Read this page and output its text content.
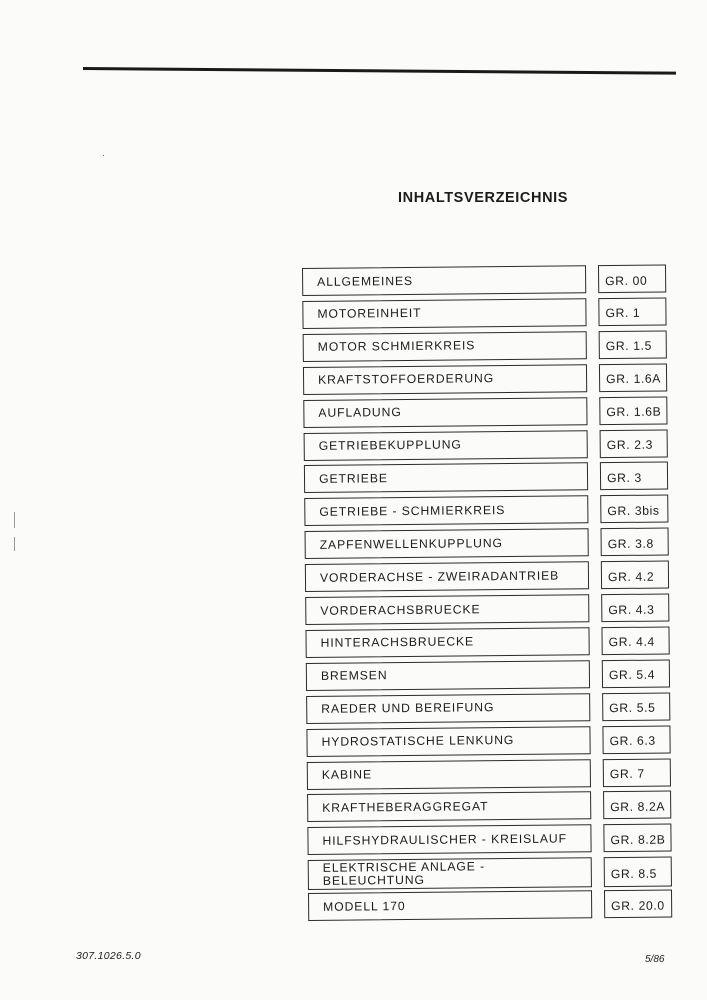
INHALTSVERZEICHNIS
ALLGEMEINES	GR. 00
MOTOREINHEIT	GR. 1
MOTOR SCHMIERKREIS	GR. 1.5
KRAFTSTOFFOERDERUNG	GR. 1.6A
AUFLADUNG	GR. 1.6B
GETRIEBEKUPPLUNG	GR. 2.3
GETRIEBE	GR. 3
GETRIEBE - SCHMIERKREIS	GR. 3bis
ZAPFENWELLENKUPPLUNG	GR. 3.8
VORDERACHSE - ZWEIRADANTRIEB	GR. 4.2
VORDERACHSBRUECKE	GR. 4.3
HINTERACHSBRUECKE	GR. 4.4
BREMSEN	GR. 5.4
RAEDER UND BEREIFUNG	GR. 5.5
HYDROSTATISCHE LENKUNG	GR. 6.3
KABINE	GR. 7
KRAFTHEBERAGGREGAT	GR. 8.2A
HILFSHYDRAULISCHER - KREISLAUF	GR. 8.2B
ELEKTRISCHE ANLAGE -
BELEUCHTUNG	GR. 8.5
MODELL 170	GR. 20.0
307.1026.5.0	5/86
